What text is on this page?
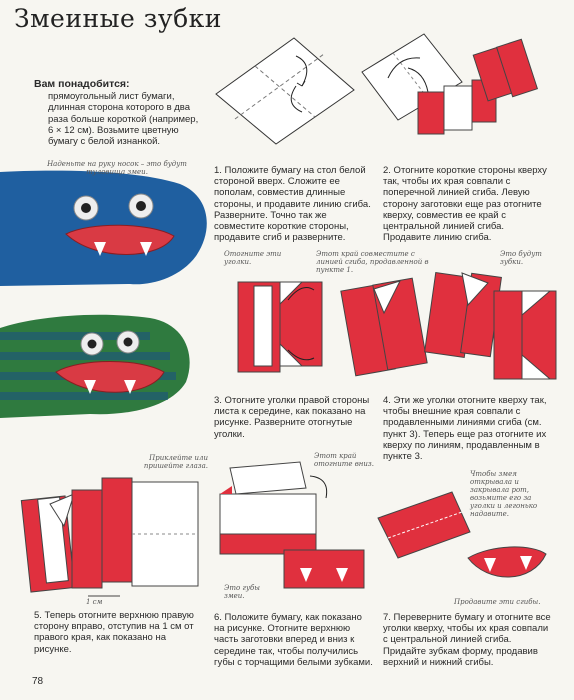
Змеиные зубки
Вам понадобится:
прямоугольный лист бумаги, длинная сторона которого в два раза больше короткой (например, 6 × 12 см). Возьмите цветную бумагу с белой изнанкой.
Наденьте на руку носок – это будут туловища змеи.	1. Положите бумагу на стол белой стороной вверх. Сложите ее пополам, совместив длинные стороны, и продавите линию сгиба. Разверните. Точно так же совместите короткие стороны, продавите сгиб и разверните.
2. Отогните короткие стороны кверху так, чтобы их края совпали с поперечной линией сгиба. Левую сторону заготовки еще раз отогните кверху, совместив ее край с центральной линией сгиба. Продавите линию сгиба.
Отогните эти уголки.
Этот край совместите с линией сгиба, продавленной в пункте 1.
Это будут зубки.
3. Отогните уголки правой стороны листа к середине, как показано на рисунке. Разверните отогнутые уголки.
4. Эти же уголки отогните кверху так, чтобы внешние края совпали с продавленными линиями сгиба (см. пункт 3). Теперь еще раз отогните их кверху по линиям, продавленным в пункте 3.
Приклейте или пришейте глаза.
1 см
Этот край отогните вниз.
Это губы змеи.
Чтобы змея открывала и закрывала рот, возьмите его за уголки и легонько надавите.
Продавите эти сгибы.
5. Теперь отогните верхнюю правую сторону вправо, отступив на 1 см от правого края, как показано на рисунке.
6. Положите бумагу, как показано на рисунке. Отогните верхнюю часть заготовки вперед и вниз к середине так, чтобы получились губы с торчащими белыми зубками.
7. Переверните бумагу и отогните все уголки кверху, чтобы их края совпали с центральной линией сгиба. Придайте зубкам форму, продавив верхний и нижний сгибы.
78
